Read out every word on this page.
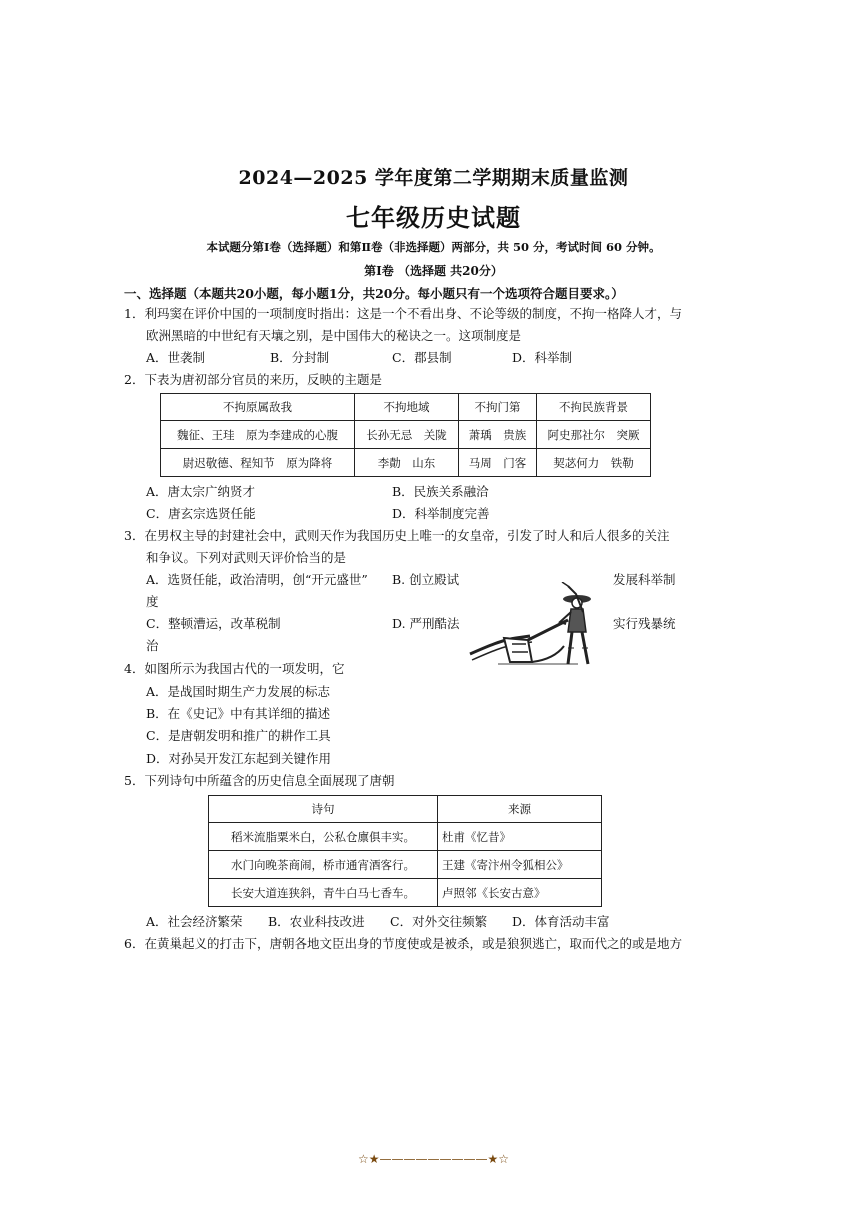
2024—2025 学年度第二学期期末质量监测
七年级历史试题
本试题分第Ⅰ卷（选择题）和第Ⅱ卷（非选择题）两部分，共 50 分，考试时间 60 分钟。
第Ⅰ卷 （选择题 共20分）
一、选择题（本题共20小题，每小题1分，共20分。每小题只有一个选项符合题目要求。）
1．利玛窦在评价中国的一项制度时指出：这是一个不看出身、不论等级的制度，不拘一格降人才，与
欧洲黑暗的中世纪有天壤之别，是中国伟大的秘诀之一。这项制度是
A．世袭制	B．分封制	C．郡县制	D．科举制
2．下表为唐初部分官员的来历，反映的主题是
不拘原属敌我	不拘地域	不拘门第	不拘民族背景
魏征、王珪　原为李建成的心腹	长孙无忌　关陇	萧瑀　贵族	阿史那社尔　突厥
尉迟敬德、程知节　原为降将	李勣　山东	马周　门客	契苾何力　铁勒
A．唐太宗广纳贤才	B．民族关系融洽
C．唐玄宗选贤任能	D．科举制度完善
3．在男权主导的封建社会中，武则天作为我国历史上唯一的女皇帝，引发了时人和后人很多的关注
和争议。下列对武则天评价恰当的是
A．选贤任能，政治清明，创“开元盛世” B. 创立殿试	发展科举制
度
C．整顿漕运，改革税制	D. 严刑酷法	实行残暴统
治
4．如图所示为我国古代的一项发明，它
A．是战国时期生产力发展的标志
B．在《史记》中有其详细的描述
C．是唐朝发明和推广的耕作工具
D．对孙吴开发江东起到关键作用
5．下列诗句中所蕴含的历史信息全面展现了唐朝
诗句	来源
稻米流脂粟米白，公私仓廪俱丰实。	杜甫《忆昔》
水门向晚茶商闹，桥市通宵酒客行。	王建《寄汴州令狐相公》
长安大道连狭斜，青牛白马七香车。	卢照邻《长安古意》
A．社会经济繁荣 B．农业科技改进 C．对外交往频繁 D．体育活动丰富
6．在黄巢起义的打击下，唐朝各地文臣出身的节度使或是被杀，或是狼狈逃亡，取而代之的或是地方
☆★—————————★☆
